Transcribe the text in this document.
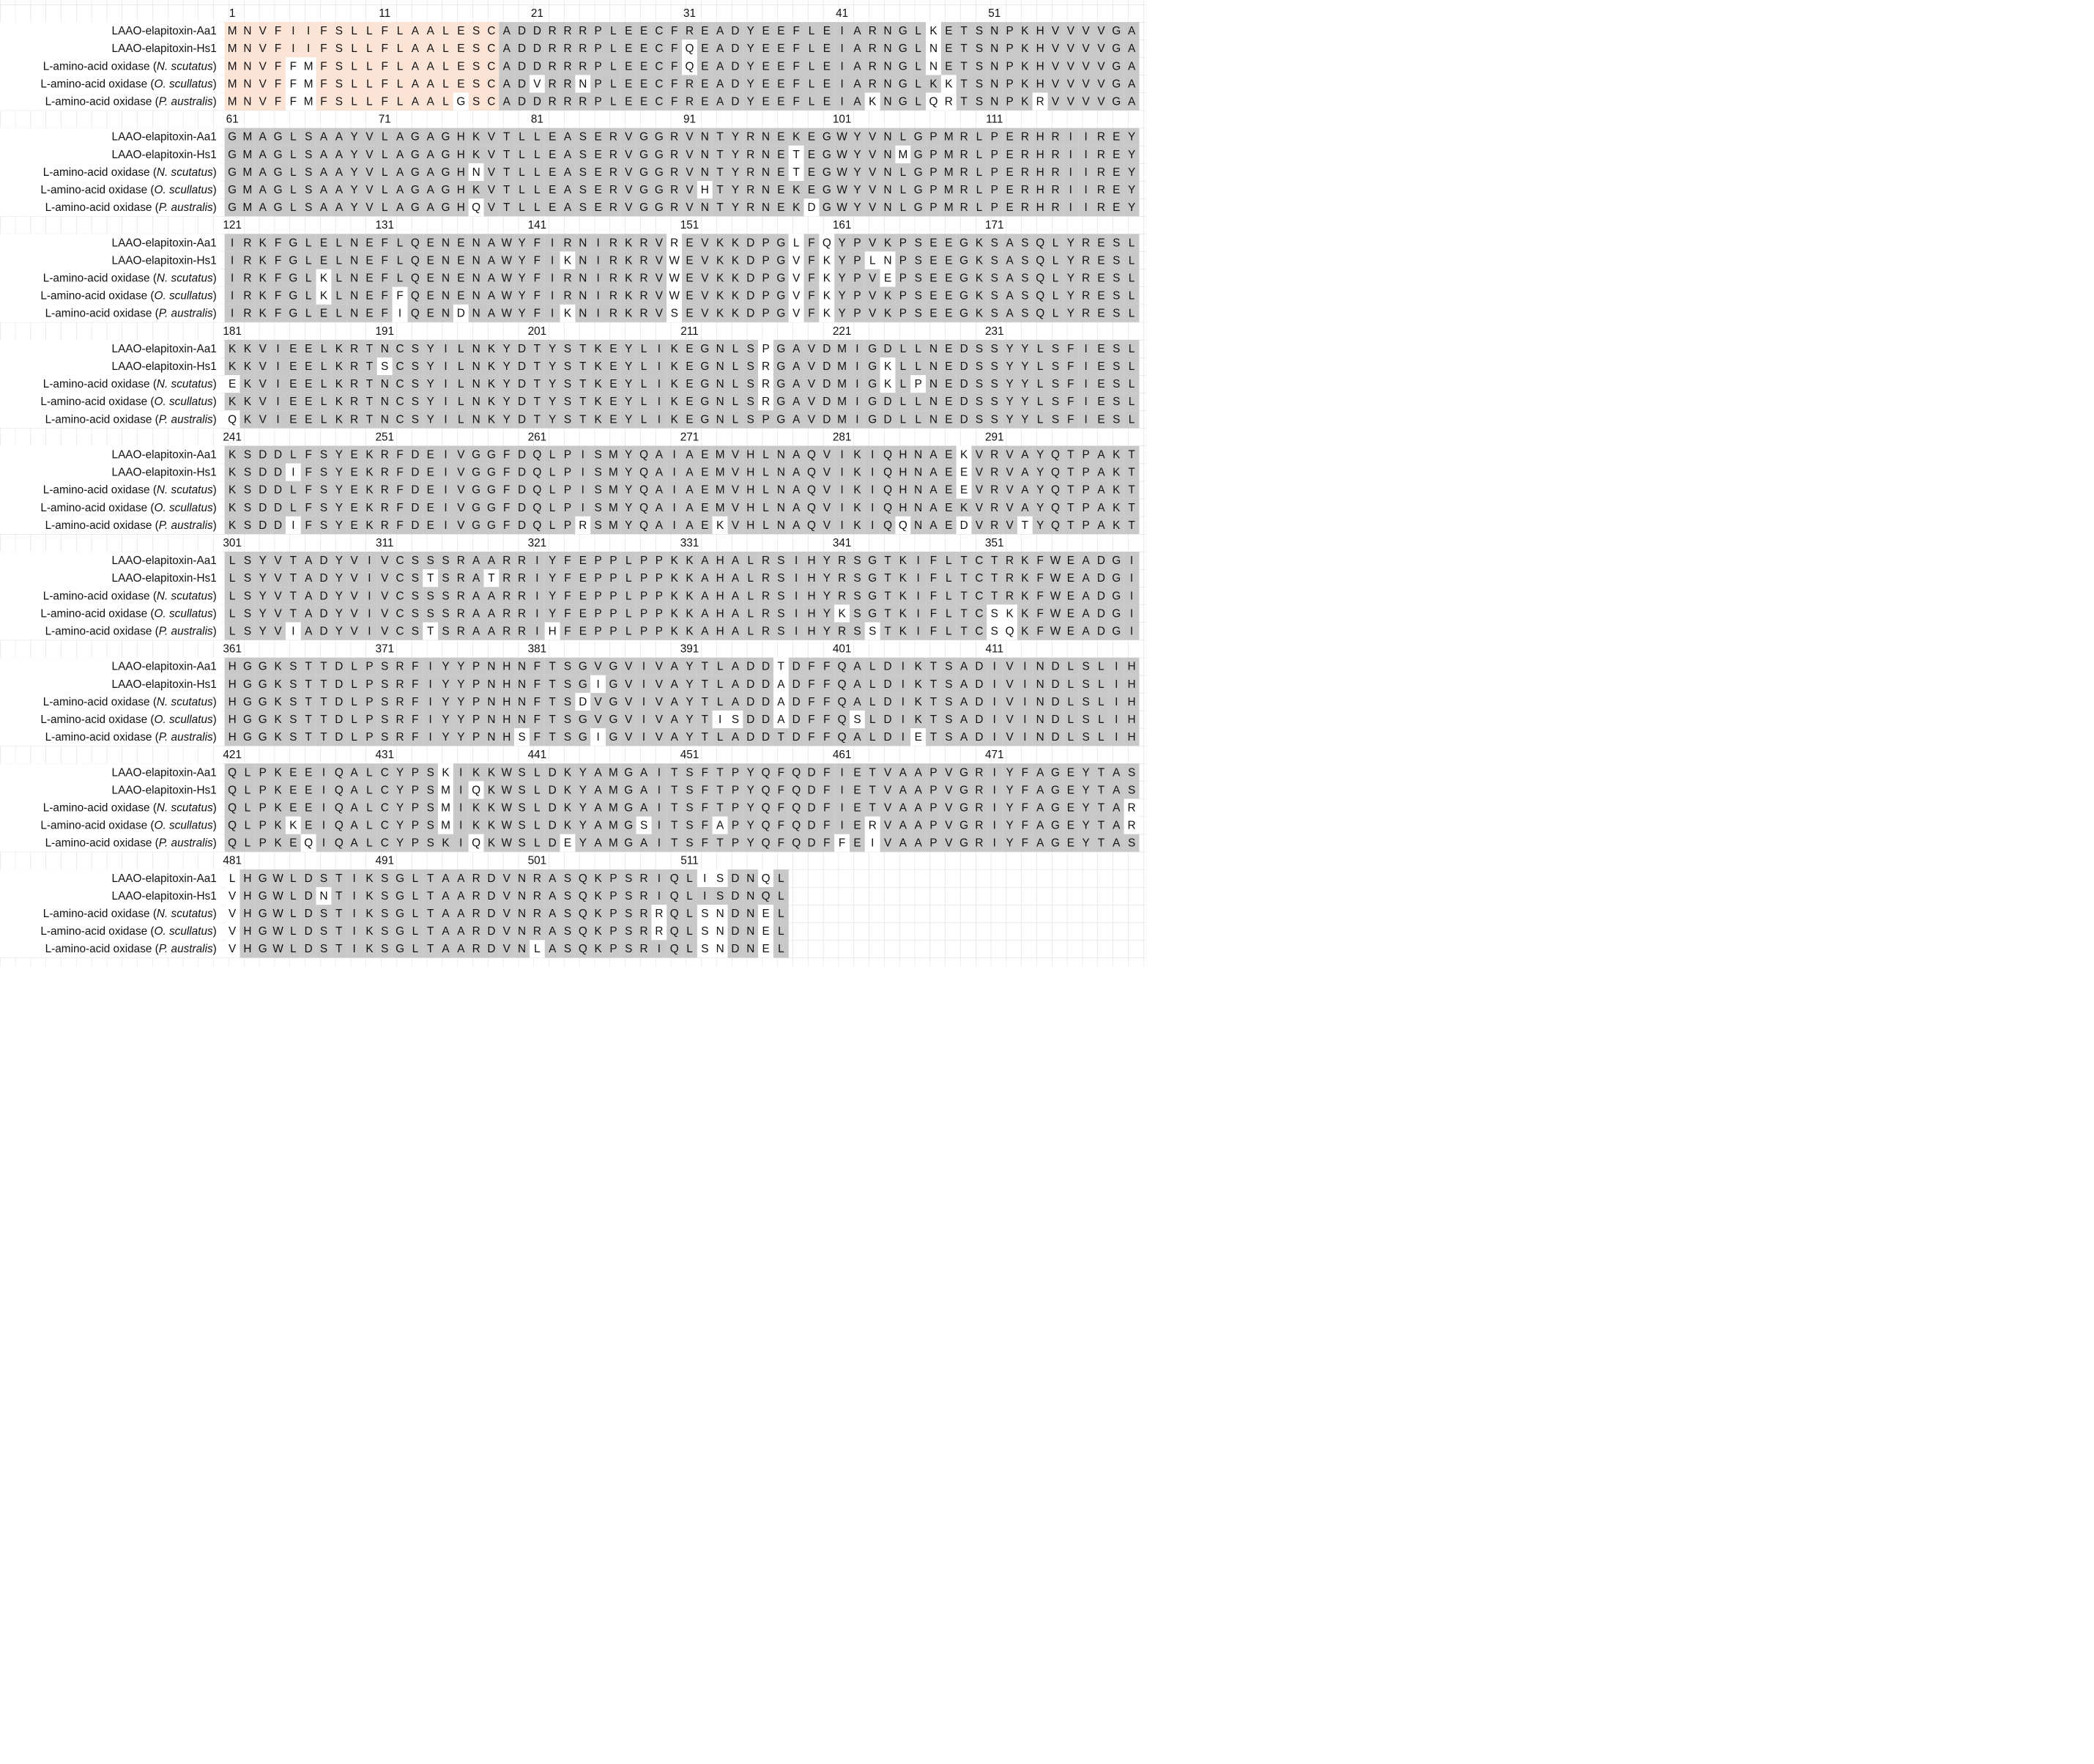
1	11	21	31	41	51
LAAO-elapitoxin-Aa1 M N V F I I F S L L F L A A L E S C A D D R R R P L E E C F R E A D Y E E F L E I A R N G L K E T S N P K H V V V V G A
LAAO-elapitoxin-Hs1 M N V F I I F S L L F L A A L E S C A D D R R R P L E E C F Q E A D Y E E F L E I A R N G L N E T S N P K H V V V V G A
L-amino-acid oxidase (N. scutatus) M N V F F M F S L L F L A A L E S C A D D R R R P L E E C F Q E A D Y E E F L E I A R N G L N E T S N P K H V V V V G A
L-amino-acid oxidase (O. scullatus) M N V F F M F S L L F L A A L E S C A D V R R N P L E E C F R E A D Y E E F L E I A R N G L K K T S N P K H V V V V G A
L-amino-acid oxidase (P. australis) M N V F F M F S L L F L A A L G S C A D D R R R P L E E C F R E A D Y E E F L E I A K N G L Q R T S N P K R V V V V G A
61	71	81	91	101	111
LAAO-elapitoxin-Aa1 G M A G L S A A Y V L A G A G H K V T L L E A S E R V G G R V N T Y R N E K E G W Y V N L G P M R L P E R H R I I R E Y
LAAO-elapitoxin-Hs1 G M A G L S A A Y V L A G A G H K V T L L E A S E R V G G R V N T Y R N E T E G W Y V N M G P M R L P E R H R I I R E Y
L-amino-acid oxidase (N. scutatus) G M A G L S A A Y V L A G A G H N V T L L E A S E R V G G R V N T Y R N E T E G W Y V N L G P M R L P E R H R I I R E Y
L-amino-acid oxidase (O. scullatus) G M A G L S A A Y V L A G A G H K V T L L E A S E R V G G R V H T Y R N E K E G W Y V N L G P M R L P E R H R I I R E Y
L-amino-acid oxidase (P. australis) G M A G L S A A Y V L A G A G H Q V T L L E A S E R V G G R V N T Y R N E K D G W Y V N L G P M R L P E R H R I I R E Y
121	131	141	151	161	171
LAAO-elapitoxin-Aa1 I R K F G L E L N E F L Q E N E N A W Y F I R N I R K R V R E V K K D P G L F Q Y P V K P S E E G K S A S Q L Y R E S L
LAAO-elapitoxin-Hs1 I R K F G L E L N E F L Q E N E N A W Y F I K N I R K R V W E V K K D P G V F K Y P L N P S E E G K S A S Q L Y R E S L
L-amino-acid oxidase (N. scutatus) I R K F G L K L N E F L Q E N E N A W Y F I R N I R K R V W E V K K D P G V F K Y P V E P S E E G K S A S Q L Y R E S L
L-amino-acid oxidase (O. scullatus) I R K F G L K L N E F F Q E N E N A W Y F I R N I R K R V W E V K K D P G V F K Y P V K P S E E G K S A S Q L Y R E S L
L-amino-acid oxidase (P. australis) I R K F G L E L N E F I Q E N D N A W Y F I K N I R K R V S E V K K D P G V F K Y P V K P S E E G K S A S Q L Y R E S L
181	191	201	211	221	231
LAAO-elapitoxin-Aa1 K K V I E E L K R T N C S Y I L N K Y D T Y S T K E Y L I K E G N L S P G A V D M I G D L L N E D S S Y Y L S F I E S L
LAAO-elapitoxin-Hs1 K K V I E E L K R T S C S Y I L N K Y D T Y S T K E Y L I K E G N L S R G A V D M I G K L L N E D S S Y Y L S F I E S L
L-amino-acid oxidase (N. scutatus) E K V I E E L K R T N C S Y I L N K Y D T Y S T K E Y L I K E G N L S R G A V D M I G K L P N E D S S Y Y L S F I E S L
L-amino-acid oxidase (O. scullatus) K K V I E E L K R T N C S Y I L N K Y D T Y S T K E Y L I K E G N L S R G A V D M I G D L L N E D S S Y Y L S F I E S L
L-amino-acid oxidase (P. australis) Q K V I E E L K R T N C S Y I L N K Y D T Y S T K E Y L I K E G N L S P G A V D M I G D L L N E D S S Y Y L S F I E S L
241	251	261	271	281	291
LAAO-elapitoxin-Aa1 K S D D L F S Y E K R F D E I V G G F D Q L P I S M Y Q A I A E M V H L N A Q V I K I Q H N A E K V R V A Y Q T P A K T
LAAO-elapitoxin-Hs1 K S D D I F S Y E K R F D E I V G G F D Q L P I S M Y Q A I A E M V H L N A Q V I K I Q H N A E E V R V A Y Q T P A K T
L-amino-acid oxidase (N. scutatus) K S D D L F S Y E K R F D E I V G G F D Q L P I S M Y Q A I A E M V H L N A Q V I K I Q H N A E E V R V A Y Q T P A K T
L-amino-acid oxidase (O. scullatus) K S D D L F S Y E K R F D E I V G G F D Q L P I S M Y Q A I A E M V H L N A Q V I K I Q H N A E K V R V A Y Q T P A K T
L-amino-acid oxidase (P. australis) K S D D I F S Y E K R F D E I V G G F D Q L P R S M Y Q A I A E K V H L N A Q V I K I Q Q N A E D V R V T Y Q T P A K T
301	311	321	331	341	351
LAAO-elapitoxin-Aa1 L S Y V T A D Y V I V C S S S R A A R R I Y F E P P L P P K K A H A L R S I H Y R S G T K I F L T C T R K F W E A D G I
LAAO-elapitoxin-Hs1 L S Y V T A D Y V I V C S T S R A T R R I Y F E P P L P P K K A H A L R S I H Y R S G T K I F L T C T R K F W E A D G I
L-amino-acid oxidase (N. scutatus) L S Y V T A D Y V I V C S S S R A A R R I Y F E P P L P P K K A H A L R S I H Y R S G T K I F L T C T R K F W E A D G I
L-amino-acid oxidase (O. scullatus) L S Y V T A D Y V I V C S S S R A A R R I Y F E P P L P P K K A H A L R S I H Y K S G T K I F L T C S K K F W E A D G I
L-amino-acid oxidase (P. australis) L S Y V I A D Y V I V C S T S R A A R R I H F E P P L P P K K A H A L R S I H Y R S S T K I F L T C S Q K F W E A D G I
361	371	381	391	401	411
LAAO-elapitoxin-Aa1 H G G K S T T D L P S R F I Y Y P N H N F T S G V G V I V A Y T L A D D T D F F Q A L D I K T S A D I V I N D L S L I H
LAAO-elapitoxin-Hs1 H G G K S T T D L P S R F I Y Y P N H N F T S G I G V I V A Y T L A D D A D F F Q A L D I K T S A D I V I N D L S L I H
L-amino-acid oxidase (N. scutatus) H G G K S T T D L P S R F I Y Y P N H N F T S D V G V I V A Y T L A D D A D F F Q A L D I K T S A D I V I N D L S L I H
L-amino-acid oxidase (O. scullatus) H G G K S T T D L P S R F I Y Y P N H N F T S G V G V I V A Y T I S D D A D F F Q S L D I K T S A D I V I N D L S L I H
L-amino-acid oxidase (P. australis) H G G K S T T D L P S R F I Y Y P N H S F T S G I G V I V A Y T L A D D T D F F Q A L D I E T S A D I V I N D L S L I H
421	431	441	451	461	471
LAAO-elapitoxin-Aa1 Q L P K E E I Q A L C Y P S K I K K W S L D K Y A M G A I T S F T P Y Q F Q D F I E T V A A P V G R I Y F A G E Y T A S
LAAO-elapitoxin-Hs1 Q L P K E E I Q A L C Y P S M I Q K W S L D K Y A M G A I T S F T P Y Q F Q D F I E T V A A P V G R I Y F A G E Y T A S
L-amino-acid oxidase (N. scutatus) Q L P K E E I Q A L C Y P S M I K K W S L D K Y A M G A I T S F T P Y Q F Q D F I E T V A A P V G R I Y F A G E Y T A R
L-amino-acid oxidase (O. scullatus) Q L P K K E I Q A L C Y P S M I K K W S L D K Y A M G S I T S F A P Y Q F Q D F I E R V A A P V G R I Y F A G E Y T A R
L-amino-acid oxidase (P. australis) Q L P K E Q I Q A L C Y P S K I Q K W S L D E Y A M G A I T S F T P Y Q F Q D F F E I V A A P V G R I Y F A G E Y T A S
481	491	501	511
LAAO-elapitoxin-Aa1 L H G W L D S T I K S G L T A A R D V N R A S Q K P S R I Q L I S D N Q L
LAAO-elapitoxin-Hs1 V H G W L D N T I K S G L T A A R D V N R A S Q K P S R I Q L I S D N Q L
L-amino-acid oxidase (N. scutatus) V H G W L D S T I K S G L T A A R D V N R A S Q K P S R R Q L S N D N E L
L-amino-acid oxidase (O. scullatus) V H G W L D S T I K S G L T A A R D V N R A S Q K P S R R Q L S N D N E L
L-amino-acid oxidase (P. australis) V H G W L D S T I K S G L T A A R D V N L A S Q K P S R I Q L S N D N E L
